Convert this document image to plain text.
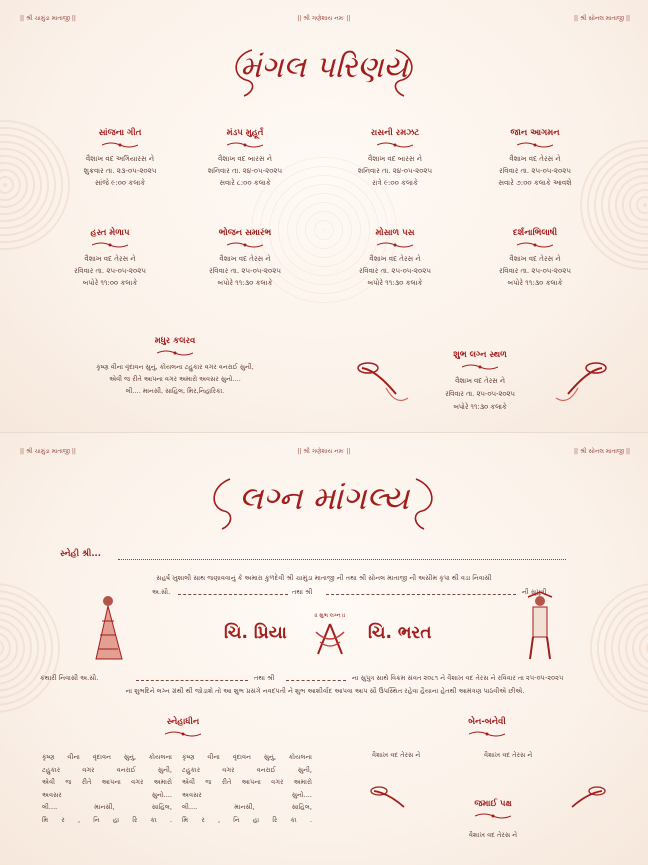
|| શ્રી ચામુંડા માતાજી ||	|| શ્રી ગણેશાય નમઃ ||	|| શ્રી સોનલ માતાજી ||
મંગલ પરિણય
સાંજના ગીત
વૈશાખ વદ અગિયારસ ને
શુક્રવાર તા. ૨૩-૦૫-૨૦૨૫
સાંજે ૯:૦૦ કલાકે
મંડપ મુહૂર્ત
વૈશાખ વદ બારસ ને
શનિવાર તા. ૨૪-૦૫-૨૦૨૫
સવારે ૮:૦૦ કલાકે
રાસની રમઝટ
વૈશાખ વદ બારસ ને
શનિવાર તા. ૨૪-૦૫-૨૦૨૫
રાત્રે ૯:૦૦ કલાકે
જાન આગમન
વૈશાખ વદ તેરસ ને
રવિવાર તા. ૨૫-૦૫-૨૦૨૫
સવારે ૭:૦૦ કલાકે આવશે
હસ્ત મેળાપ
વૈશાખ વદ તેરસ ને
રવિવાર તા. ૨૫-૦૫-૨૦૨૫
બપોરે ૧૧:૦૦ કલાકે
ભોજન સમારંભ
વૈશાખ વદ તેરસ ને
રવિવાર તા. ૨૫-૦૫-૨૦૨૫
બપોરે ૧૧:૩૦ કલાકે
મોસાળ પસ
વૈશાખ વદ તેરસ ને
રવિવાર તા. ૨૫-૦૫-૨૦૨૫
બપોરે ૧૧:૩૦ કલાકે
દર્શનાભિલાષી
વૈશાખ વદ તેરસ ને
રવિવાર તા. ૨૫-૦૫-૨૦૨૫
બપોરે ૧૧:૩૦ કલાકે
મધુર કલરવ
કૃષ્ણ વીના વૃંદાવન સુનું, કોયલના ટહુકાર વગર વનરાઈ સુની,
એવી જ રીતે આપના વગર અમારો અવસર સુનો....
લી.... માનસી, સાહિલ, મિર,નિહારિકા.
શુભ લગ્ન સ્થળ
વૈશાખ વદ તેરસ ને
રવિવાર તા. ૨૫-૦૫-૨૦૨૫
બપોરે ૧૧:૩૦ કલાકે
|| શ્રી ચામુંડા માતાજી ||	|| શ્રી ગણેશાય નમઃ ||	|| શ્રી સોનલ માતાજી ||
લગ્ન માંગલ્ય
સ્નેહી શ્રી...
સહર્ષ ખુશાલી સાથ જણાવવાનું કે અમારા કુળદેવી શ્રી ચામુંડા માતાજી ની તથા શ્રી સોનલ માતાજી ની અસીમ કૃપા થી વડા નિવાસી
અ.સૌ.	તથા શ્રી	ની સુપુત્રી
ચિ. પ્રિયા
।। શુભ લગ્ન ।।
ચિ. ભરત
કંથારી નિવાસી અ.સૌ.	તથા શ્રી	ના સુપુત્ર સાથે વિક્રમ સંવત ૨૦૮૧ ને વૈશાખ વદ તેરસ ને રવિવાર તા ૨૫-૦૫-૨૦૨૫
ના શુભદિને લગ્ન ગ્રંથી થી જોડાશે તો આ શુભ પ્રસંગે નવદંપતી ને શુભ આશીર્વાદ આપવા આપ સૌ ઉપસ્થિત રહેવા હૈયાના હેતથી આમંત્રણ પાઠવીએ છીએ.
સ્નેહાધીન
કૃષ્ણ વીના વૃંદાવન સુનું, કોયલના
ટહુકાર વગર વનરાઈ સુની,
એવી જ રીતે આપના વગર અમારો
અવસર સુનો....
લી.... માનસી, સાહિલ,
મિ ર , નિ હા રિ કા .
કૃષ્ણ વીના વૃંદાવન સુનું, કોયલના
ટહુકાર વગર વનરાઈ સુની,
એવી જ રીતે આપના વગર અમારો
અવસર સુનો....
લી.... માનસી, સાહિલ,
મિ ર , નિ હા રિ કા .
બેન-બનેવી
વૈશાખ વદ તેરસ ને	વૈશાખ વદ તેરસ ને
જમાઈ પક્ષ
વૈશાખ વદ તેરસ ને
